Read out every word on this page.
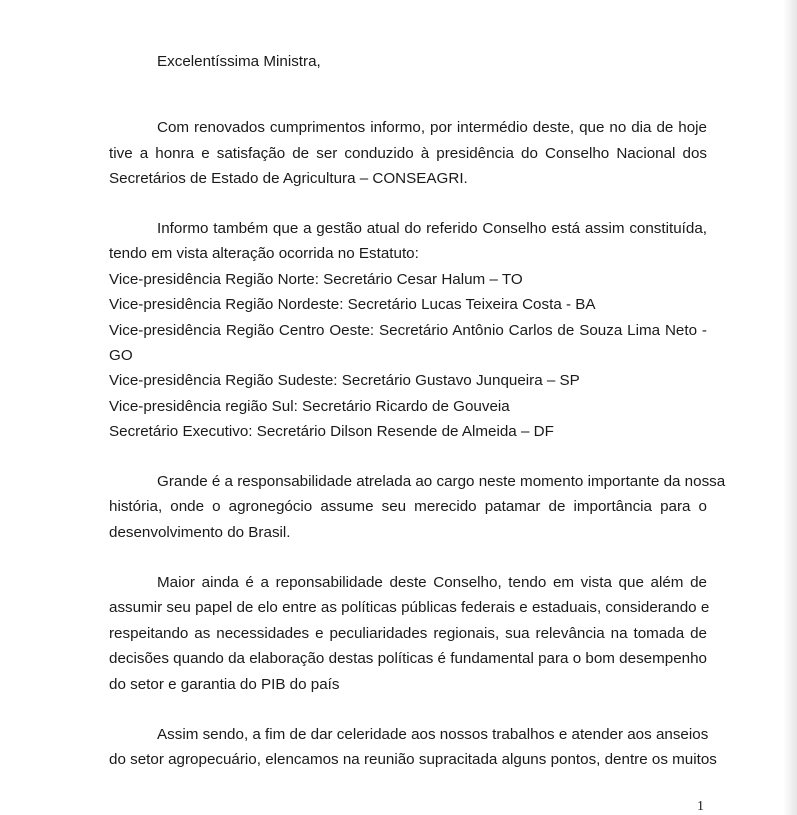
Excelentíssima Ministra,
Com renovados cumprimentos informo, por intermédio deste, que no dia de hoje
tive a honra e satisfação de ser conduzido à presidência do Conselho Nacional dos
Secretários de Estado de Agricultura – CONSEAGRI.
Informo também que a gestão atual do referido Conselho está assim constituída,
tendo em vista alteração ocorrida no Estatuto:
Vice-presidência Região Norte: Secretário Cesar Halum – TO
Vice-presidência Região Nordeste: Secretário Lucas Teixeira Costa - BA
Vice-presidência Região Centro Oeste: Secretário Antônio Carlos de Souza Lima Neto -
GO
Vice-presidência Região Sudeste: Secretário Gustavo Junqueira – SP
Vice-presidência região Sul: Secretário Ricardo de Gouveia
Secretário Executivo: Secretário Dilson Resende de Almeida – DF
Grande é a responsabilidade atrelada ao cargo neste momento importante da nossa
história, onde o agronegócio assume seu merecido patamar de importância para o
desenvolvimento do Brasil.
Maior ainda é a reponsabilidade deste Conselho, tendo em vista que além de
assumir seu papel de elo entre as políticas públicas federais e estaduais, considerando e
respeitando as necessidades e peculiaridades regionais, sua relevância na tomada de
decisões quando da elaboração destas políticas é fundamental para o bom desempenho
do setor e garantia do PIB do país
Assim sendo, a fim de dar celeridade aos nossos trabalhos e atender aos anseios
do setor agropecuário, elencamos na reunião supracitada alguns pontos, dentre os muitos
1
